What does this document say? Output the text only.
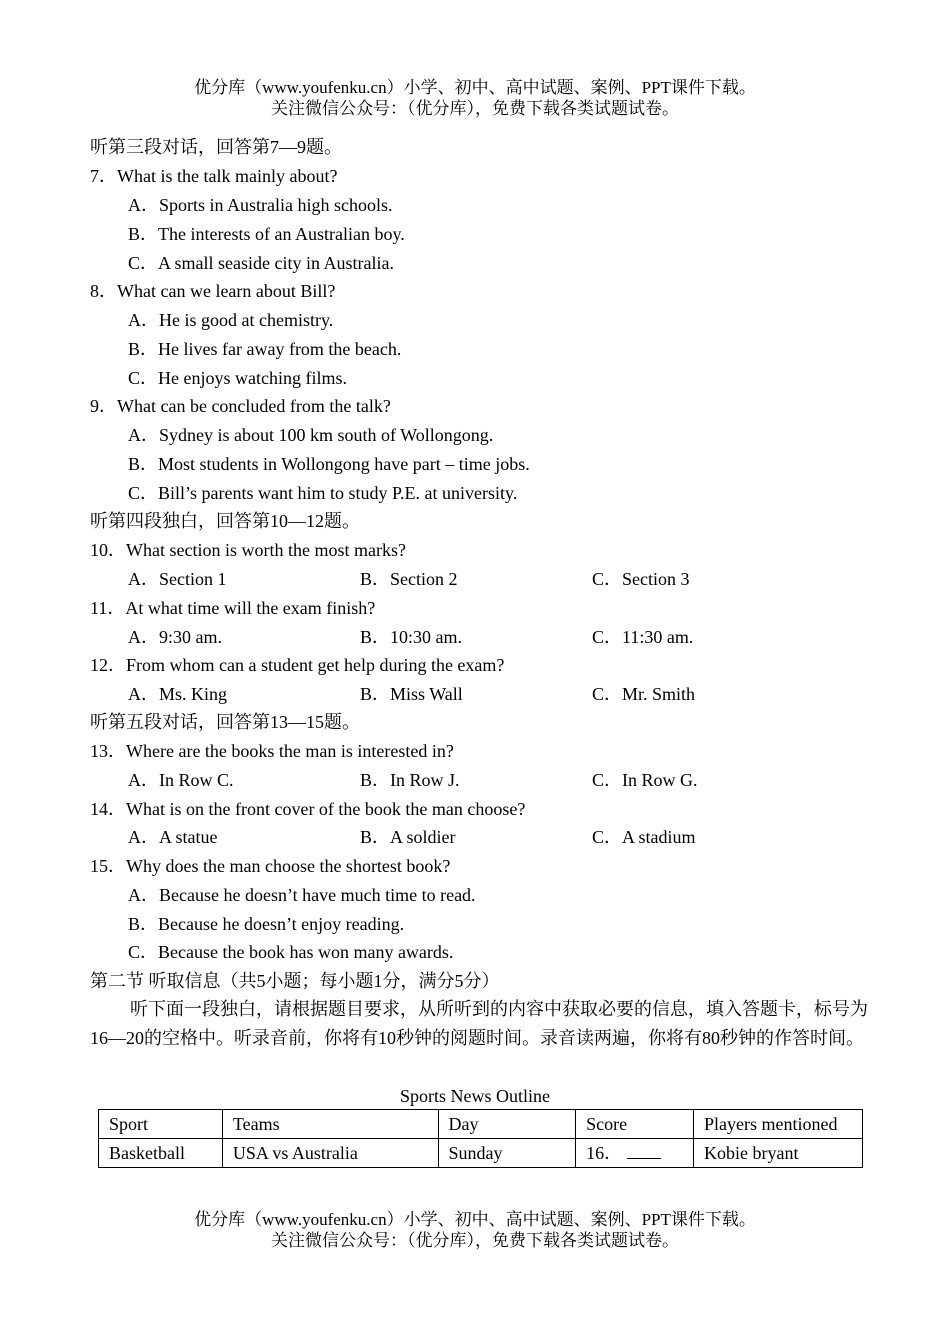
优分库（www.youfenku.cn）小学、初中、高中试题、案例、PPT课件下载。
关注微信公众号：（优分库），免费下载各类试题试卷。
听第三段对话，回答第7—9题。
7．What is the talk mainly about?
A．Sports in Australia high schools.
B．The interests of an Australian boy.
C．A small seaside city in Australia.
8．What can we learn about Bill?
A．He is good at chemistry.
B．He lives far away from the beach.
C．He enjoys watching films.
9．What can be concluded from the talk?
A．Sydney is about 100 km south of Wollongong.
B．Most students in Wollongong have part – time jobs.
C．Bill’s parents want him to study P.E. at university.
听第四段独白，回答第10—12题。
10．What section is worth the most marks?
A．Section 1	B．Section 2	C．Section 3
11．At what time will the exam finish?
A．9:30 am.	B．10:30 am.	C．11:30 am.
12．From whom can a student get help during the exam?
A．Ms. King	B．Miss Wall	C．Mr. Smith
听第五段对话，回答第13—15题。
13．Where are the books the man is interested in?
A．In Row C.	B．In Row J.	C．In Row G.
14．What is on the front cover of the book the man choose?
A．A statue	B．A soldier	C．A stadium
15．Why does the man choose the shortest book?
A．Because he doesn’t have much time to read.
B．Because he doesn’t enjoy reading.
C．Because the book has won many awards.
第二节 听取信息（共5小题；每小题1分，满分5分）
听下面一段独白，请根据题目要求，从所听到的内容中获取必要的信息，填入答题卡，标号为16—20的空格中。听录音前，你将有10秒钟的阅题时间。录音读两遍，你将有80秒钟的作答时间。
Sports News Outline
Sport	Teams	Day	Score	Players mentioned
Basketball	USA vs Australia	Sunday	16．	Kobie bryant
优分库（www.youfenku.cn）小学、初中、高中试题、案例、PPT课件下载。
关注微信公众号：（优分库），免费下载各类试题试卷。
